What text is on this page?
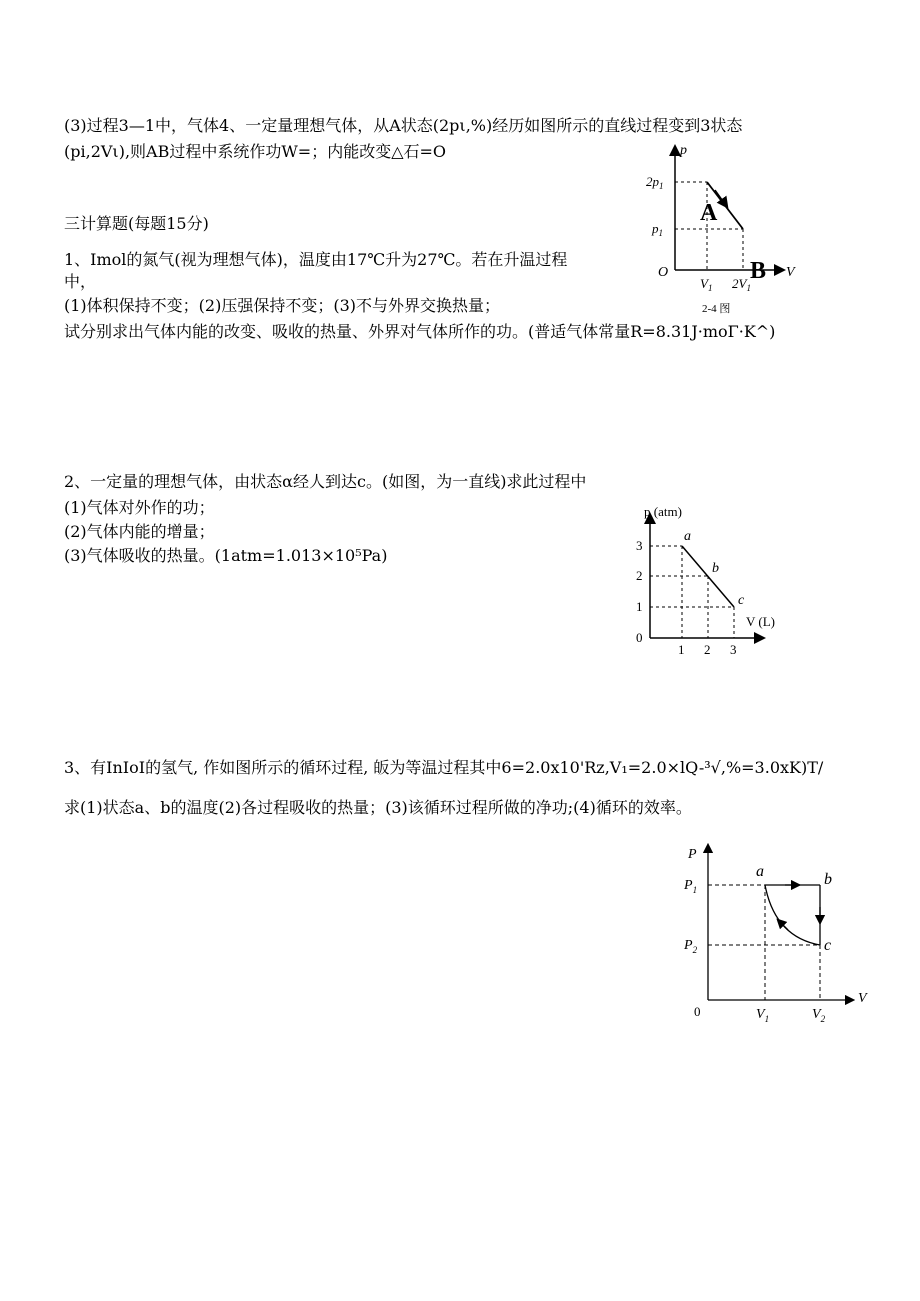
(3)过程3—1中，气体4、一定量理想气体，从A状态(2pι,%)经历如图所示的直线过程变到3状态
(pi,2Vι),则AB过程中系统作功W=；内能改变△石=O
三计算题(每题15分)
1、Imol的氮气(视为理想气体)，温度由17℃升为27℃。若在升温过程
中，
(1)体积保持不变；(2)压强保持不变；(3)不与外界交换热量；
试分别求出气体内能的改变、吸收的热量、外界对气体所作的功。(普适气体常量R=8.31J·moΓ·K^)
p
V
O
$2p_1$
$p_1$
$V_1$ $2V_1$
A
B
2-4 图
2、一定量的理想气体，由状态α经人到达c。(如图，为一直线)求此过程中
(1)气体对外作的功；
(2)气体内能的增量；
(3)气体吸收的热量。(1atm=1.013×10⁵Pa)
p (atm)
V (L)
3
2
1
0
1 2 3
a
b
c
3、有InIoI的氢气, 作如图所示的循环过程, 皈为等温过程其中6=2.0x10'Rz,V₁=2.0×lQ-³√,%=3.0xK)T/
求(1)状态a、b的温度(2)各过程吸收的热量；(3)该循环过程所做的净功;(4)循环的效率。
P
V
0
$P_1$
$P_2$
$V_1$	$V_2$
a	b
c
